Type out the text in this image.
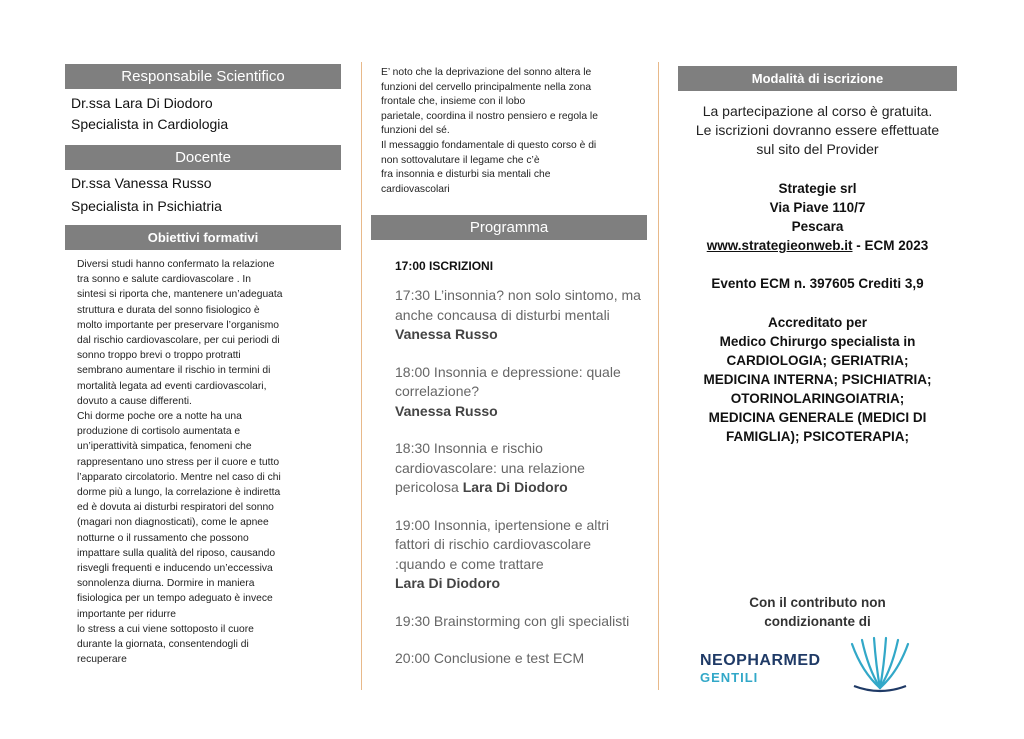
Responsabile Scientifico
Dr.ssa Lara Di Diodoro
Specialista in Cardiologia
Docente
Dr.ssa Vanessa Russo
Specialista in Psichiatria
Obiettivi formativi

Diversi studi hanno confermato la relazione

tra sonno e salute cardiovascolare . In

sintesi si riporta che, mantenere un’adeguata

struttura e durata del sonno fisiologico è

molto importante per preservare l’organismo

dal rischio cardiovascolare, per cui periodi di

sonno troppo brevi o troppo protratti

sembrano aumentare il rischio in termini di

mortalità legata ad eventi cardiovascolari,

dovuto a cause differenti.

Chi dorme poche ore a notte ha una

produzione di cortisolo aumentata e

un’iperattività simpatica, fenomeni che

rappresentano uno stress per il cuore e tutto

l’apparato circolatorio. Mentre nel caso di chi

dorme più a lungo, la correlazione è indiretta

ed è dovuta ai disturbi respiratori del sonno

(magari non diagnosticati), come le apnee

notturne o il russamento che possono

impattare sulla qualità del riposo, causando

risvegli frequenti e inducendo un’eccessiva

sonnolenza diurna. Dormire in maniera

fisiologica per un tempo adeguato è invece

importante per ridurre

lo stress a cui viene sottoposto il cuore

durante la giornata, consentendogli di

recuperare

E’ noto che la deprivazione del sonno altera le

funzioni del cervello principalmente nella zona

frontale che, insieme con il lobo

parietale, coordina il nostro pensiero e regola le

funzioni del sé.

Il messaggio fondamentale di questo corso è di

non sottovalutare il legame che c’è

fra insonnia e disturbi sia mentali che

cardiovascolari

Programma
17:00 ISCRIZIONI
17:30 L’insonnia? non solo sintomo, ma anche concausa di disturbi mentali Vanessa Russo
18:00 Insonnia e depressione: quale correlazione?
Vanessa Russo
18:30 Insonnia e rischio cardiovascolare: una relazione pericolosa Lara Di Diodoro
19:00 Insonnia, ipertensione e altri fattori di rischio cardiovascolare :quando e come trattare
Lara Di Diodoro
19:30 Brainstorming con gli specialisti
20:00 Conclusione e test ECM
Modalità di iscrizione
La partecipazione al corso è gratuita.
Le iscrizioni dovranno essere effettuate
sul sito del Provider
Strategie srl
Via Piave 110/7
Pescara
www.strategieonweb.it - ECM 2023
Evento ECM n. 397605 Crediti 3,9
Accreditato per
Medico Chirurgo specialista in
CARDIOLOGIA; GERIATRIA;
MEDICINA INTERNA; PSICHIATRIA;
OTORINOLARINGOIATRIA;
MEDICINA GENERALE (MEDICI DI
FAMIGLIA); PSICOTERAPIA;
Con il contributo non
condizionante di
NEOPHARMED
GENTILI
